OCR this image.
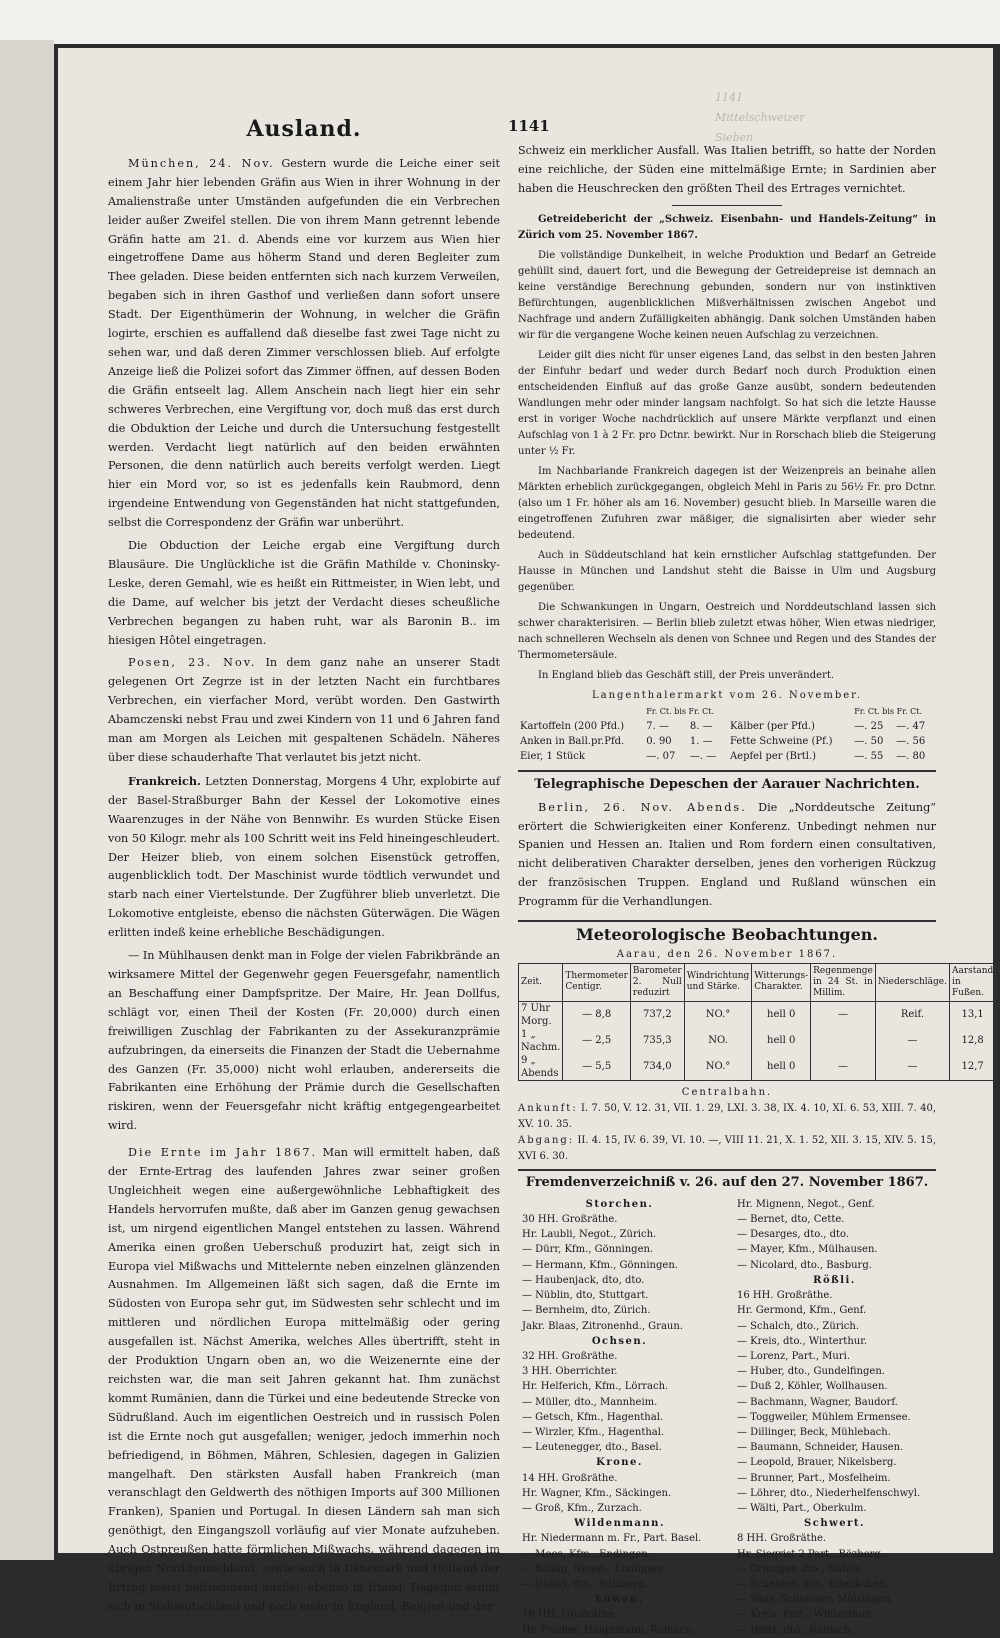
1141
Mittelschweizer
Sieben
1141
Ausland.

München, 24. Nov. Gestern wurde die Leiche einer seit einem Jahr hier lebenden Gräfin aus Wien in ihrer Wohnung in der Amalienstraße unter Umständen aufgefunden die ein Verbrechen leider außer Zweifel stellen. Die von ihrem Mann getrennt lebende Gräfin hatte am 21. d. Abends eine vor kurzem aus Wien hier eingetroffene Dame aus höherm Stand und deren Begleiter zum Thee geladen. Diese beiden entfernten sich nach kurzem Verweilen, begaben sich in ihren Gasthof und verließen dann sofort unsere Stadt. Der Eigenthümerin der Wohnung, in welcher die Gräfin logirte, erschien es auffallend daß dieselbe fast zwei Tage nicht zu sehen war, und daß deren Zimmer verschlossen blieb. Auf erfolgte Anzeige ließ die Polizei sofort das Zimmer öffnen, auf dessen Boden die Gräfin entseelt lag. Allem Anschein nach liegt hier ein sehr schweres Verbrechen, eine Vergiftung vor, doch muß das erst durch die Obduktion der Leiche und durch die Untersuchung festgestellt werden. Verdacht liegt natürlich auf den beiden erwähnten Personen, die denn natürlich auch bereits verfolgt werden. Liegt hier ein Mord vor, so ist es jedenfalls kein Raubmord, denn irgendeine Entwendung von Gegenständen hat nicht stattgefunden, selbst die Correspondenz der Gräfin war unberührt.

Die Obduction der Leiche ergab eine Vergiftung durch Blausäure. Die Unglückliche ist die Gräfin Mathilde v. Choninsky-Leske, deren Gemahl, wie es heißt ein Rittmeister, in Wien lebt, und die Dame, auf welcher bis jetzt der Verdacht dieses scheußliche Verbrechen begangen zu haben ruht, war als Baronin B.. im hiesigen Hôtel eingetragen.

Posen, 23. Nov. In dem ganz nahe an unserer Stadt gelegenen Ort Zegrze ist in der letzten Nacht ein furchtbares Verbrechen, ein vierfacher Mord, verübt worden. Den Gastwirth Abamczenski nebst Frau und zwei Kindern von 11 und 6 Jahren fand man am Morgen als Leichen mit gespaltenen Schädeln. Näheres über diese schauderhafte That verlautet bis jetzt nicht.

Frankreich. Letzten Donnerstag, Morgens 4 Uhr, explobirte auf der Basel-Straßburger Bahn der Kessel der Lokomotive eines Waarenzuges in der Nähe von Bennwihr. Es wurden Stücke Eisen von 50 Kilogr. mehr als 100 Schritt weit ins Feld hineingeschleudert. Der Heizer blieb, von einem solchen Eisenstück getroffen, augenblicklich todt. Der Maschinist wurde tödtlich verwundet und starb nach einer Viertelstunde. Der Zugführer blieb unverletzt. Die Lokomotive entgleiste, ebenso die nächsten Güterwägen. Die Wägen erlitten indeß keine erhebliche Beschädigungen.

— In Mühlhausen denkt man in Folge der vielen Fabrikbrände an wirksamere Mittel der Gegenwehr gegen Feuersgefahr, namentlich an Beschaffung einer Dampfspritze. Der Maire, Hr. Jean Dollfus, schlägt vor, einen Theil der Kosten (Fr. 20,000) durch einen freiwilligen Zuschlag der Fabrikanten zu der Assekuranzprämie aufzubringen, da einerseits die Finanzen der Stadt die Uebernahme des Ganzen (Fr. 35,000) nicht wohl erlauben, andererseits die Fabrikanten eine Erhöhung der Prämie durch die Gesellschaften riskiren, wenn der Feuersgefahr nicht kräftig entgegengearbeitet wird.

Die Ernte im Jahr 1867. Man will ermittelt haben, daß der Ernte-Ertrag des laufenden Jahres zwar seiner großen Ungleichheit wegen eine außergewöhnliche Lebhaftigkeit des Handels hervorrufen mußte, daß aber im Ganzen genug gewachsen ist, um nirgend eigentlichen Mangel entstehen zu lassen. Während Amerika einen großen Ueberschuß produzirt hat, zeigt sich in Europa viel Mißwachs und Mittelernte neben einzelnen glänzenden Ausnahmen. Im Allgemeinen läßt sich sagen, daß die Ernte im Südosten von Europa sehr gut, im Südwesten sehr schlecht und im mittleren und nördlichen Europa mittelmäßig oder gering ausgefallen ist. Nächst Amerika, welches Alles übertrifft, steht in der Produktion Ungarn oben an, wo die Weizenernte eine der reichsten war, die man seit Jahren gekannt hat. Ihm zunächst kommt Rumänien, dann die Türkei und eine bedeutende Strecke von Südrußland. Auch im eigentlichen Oestreich und in russisch Polen ist die Ernte noch gut ausgefallen; weniger, jedoch immerhin noch befriedigend, in Böhmen, Mähren, Schlesien, dagegen in Galizien mangelhaft. Den stärksten Ausfall haben Frankreich (man veranschlagt den Geldwerth des nöthigen Imports auf 300 Millionen Franken), Spanien und Portugal. In diesen Ländern sah man sich genöthigt, den Eingangszoll vorläufig auf vier Monate aufzuheben. Auch Ostpreußen hatte förmlichen Mißwachs, während dagegen im übrigen Norddeutschland, sowie auch in Dänemark und Holland der Ertrag meist befriedigend ausfiel; ebenso in Irland. Dagegen ergibt sich in Süddeutschland und noch mehr in England, Belgien und der

Schweiz ein merklicher Ausfall. Was Italien betrifft, so hatte der Norden eine reichliche, der Süden eine mittelmäßige Ernte; in Sardinien aber haben die Heuschrecken den größten Theil des Ertrages vernichtet.

Getreidebericht der „Schweiz. Eisenbahn- und Handels-Zeitung“ in Zürich vom 25. November 1867.

Die vollständige Dunkelheit, in welche Produktion und Bedarf an Getreide gehüllt sind, dauert fort, und die Bewegung der Getreidepreise ist demnach an keine verständige Berechnung gebunden, sondern nur von instinktiven Befürchtungen, augenblicklichen Mißverhältnissen zwischen Angebot und Nachfrage und andern Zufälligkeiten abhängig. Dank solchen Umständen haben wir für die vergangene Woche keinen neuen Aufschlag zu verzeichnen.

Leider gilt dies nicht für unser eigenes Land, das selbst in den besten Jahren der Einfuhr bedarf und weder durch Bedarf noch durch Produktion einen entscheidenden Einfluß auf das große Ganze ausübt, sondern bedeutenden Wandlungen mehr oder minder langsam nachfolgt. So hat sich die letzte Hausse erst in voriger Woche nachdrücklich auf unsere Märkte verpflanzt und einen Aufschlag von 1 à 2 Fr. pro Dctnr. bewirkt. Nur in Rorschach blieb die Steigerung unter ½ Fr.

Im Nachbarlande Frankreich dagegen ist der Weizenpreis an beinahe allen Märkten erheblich zurückgegangen, obgleich Mehl in Paris zu 56½ Fr. pro Dctnr. (also um 1 Fr. höher als am 16. November) gesucht blieb. In Marseille waren die eingetroffenen Zufuhren zwar mäßiger, die signalisirten aber wieder sehr bedeutend.

Auch in Süddeutschland hat kein ernstlicher Aufschlag stattgefunden. Der Hausse in München und Landshut steht die Baisse in Ulm und Augsburg gegenüber.

Die Schwankungen in Ungarn, Oestreich und Norddeutschland lassen sich schwer charakterisiren. — Berlin blieb zuletzt etwas höher, Wien etwas niedriger, nach schnelleren Wechseln als denen von Schnee und Regen und des Standes der Thermometersäule.

In England blieb das Geschäft still, der Preis unverändert.

Langenthalermarkt vom 26. November.
	Fr. Ct. bis Fr. Ct.			Fr. Ct. bis Fr. Ct.	
Kartoffeln (200 Pfd.)	7. —	8. —	Kälber (per Pfd.)	—. 25	—. 47
Anken in Ball.pr.Pfd.	0. 90	1. —	Fette Schweine (Pf.)	—. 50	—. 56
Eier, 1 Stück	—. 07	—. —	Aepfel per (Brtl.)	—. 55	—. 80
Telegraphische Depeschen der Aarauer Nachrichten.

Berlin, 26. Nov. Abends. Die „Norddeutsche Zeitung“ erörtert die Schwierigkeiten einer Konferenz. Unbedingt nehmen nur Spanien und Hessen an. Italien und Rom fordern einen consultativen, nicht deliberativen Charakter derselben, jenes den vorherigen Rückzug der französischen Truppen. England und Rußland wünschen ein Programm für die Verhandlungen.

Meteorologische Beobachtungen.
Aarau, den 26. November 1867.
Zeit.	Thermometer Centigr.	Barometer 2. Null reduzirt	Windrichtung und Stärke.	Witterungs-Charakter.	Regenmenge in 24 St. in Millim.	Niederschläge.	Aarstand in Fußen.
7 Uhr Morg.	— 8,8	737,2	NO.°	hell 0	—	Reif.	13,1
1 „ Nachm.	— 2,5	735,3	NO.	hell 0		—	12,8
9 „ Abends	— 5,5	734,0	NO.°	hell 0	—	—	12,7
Centralbahn.
Ankunft: I. 7. 50, V. 12. 31, VII. 1. 29, LXI. 3. 38, IX. 4. 10, XI. 6. 53, XIII. 7. 40, XV. 10. 35.
Abgang: II. 4. 15, IV. 6. 39, VI. 10. —, VIII 11. 21, X. 1. 52, XII. 3. 15, XIV. 5. 15, XVI 6. 30.
Fremdenverzeichniß v. 26. auf den 27. November 1867.
Storchen.
30 HH. Großräthe.
Hr. Laubli, Negot., Zürich.
— Dürr, Kfm., Gönningen.
— Hermann, Kfm., Gönningen.
— Haubenjack, dto, dto.
— Nüblin, dto, Stuttgart.
— Bernheim, dto, Zürich.
Jakr. Blaas, Zitronenhd., Graun.
Ochsen.
32 HH. Großräthe.
3 HH. Oberrichter.
Hr. Helferich, Kfm., Lörrach.
— Müller, dto., Mannheim.
— Getsch, Kfm., Hagenthal.
— Wirzler, Kfm., Hagenthal.
— Leutenegger, dto., Basel.
Krone.
14 HH. Großräthe.
Hr. Wagner, Kfm., Säckingen.
— Groß, Kfm., Zurzach.
Wildenmann.
Hr. Niedermann m. Fr., Part. Basel.
— Moos, Kfm., Endingen.
— Bollag, Negot., Endingen.
— Dukas, dto., Sulzburg.
Löwen.
18 HH. Großräthe.
Hr. Fischer, Hauptmann, Reinach.
Hr. Mignenn, Negot., Genf.
— Bernet, dto, Cette.
— Desarges, dto., dto.
— Mayer, Kfm., Mülhausen.
— Nicolard, dto., Basburg.
Rößli.
16 HH. Großräthe.
Hr. Germond, Kfm., Genf.
— Schalch, dto., Zürich.
— Kreis, dto., Winterthur.
— Lorenz, Part., Muri.
— Huber, dto., Gundelfingen.
— Duß 2, Köhler, Wollhausen.
— Bachmann, Wagner, Baudorf.
— Toggweiler, Mühlem Ermensee.
— Dillinger, Beck, Mühlebach.
— Baumann, Schneider, Hausen.
— Leopold, Brauer, Nikelsberg.
— Brunner, Part., Mosfelheim.
— Löhrer, dto., Niederhelfenschwyl.
— Wälti, Part., Oberkulm.
Schwert.
8 HH. Großräthe.
Hr. Siegrist 2 Part., Bözberg.
— Grüniger, dto., Näfels.
— Schenkel, dto., Edenkoben.
— Walz, Schneider, Mölzingen.
— Kreis, Part., Winterthur.
— Heitz, dto., Reinach.
